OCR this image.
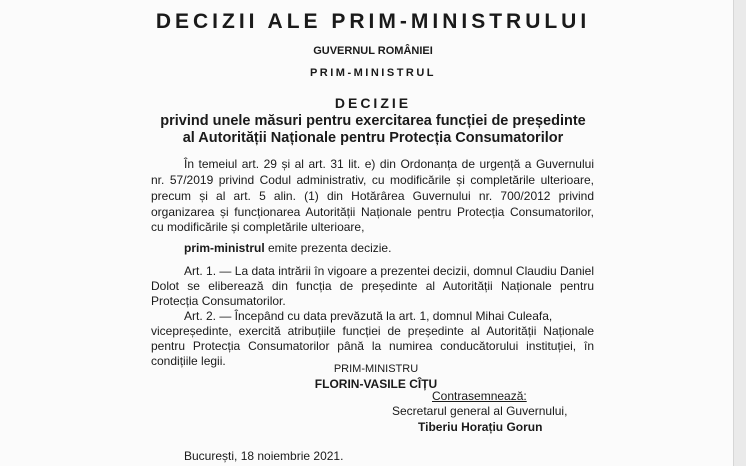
DECIZII ALE PRIM-MINISTRULUI
GUVERNUL ROMÂNIEI
PRIM-MINISTRUL
DECIZIE
privind unele măsuri pentru exercitarea funcției de președinte
al Autorității Naționale pentru Protecția Consumatorilor
În temeiul art. 29 și al art. 31 lit. e) din Ordonanța de urgență a Guvernului
nr. 57/2019 privind Codul administrativ, cu modificările și completările ulterioare,
precum și al art. 5 alin. (1) din Hotărârea Guvernului nr. 700/2012 privind
organizarea și funcționarea Autorității Naționale pentru Protecția Consumatorilor,
cu modificările și completările ulterioare,
prim-ministrul emite prezenta decizie.
Art. 1. — La data intrării în vigoare a prezentei decizii, domnul Claudiu Daniel
Dolot se eliberează din funcția de președinte al Autorității Naționale pentru
Protecția Consumatorilor.
Art. 2. — Începând cu data prevăzută la art. 1, domnul Mihai Culeafa,
vicepreședinte, exercită atribuțiile funcției de președinte al Autorității Naționale
pentru Protecția Consumatorilor până la numirea conducătorului instituției, în
condițiile legii.
PRIM-MINISTRU
FLORIN-VASILE CÎȚU
Contrasemnează:
Secretarul general al Guvernului,
Tiberiu Horațiu Gorun
București, 18 noiembrie 2021.
